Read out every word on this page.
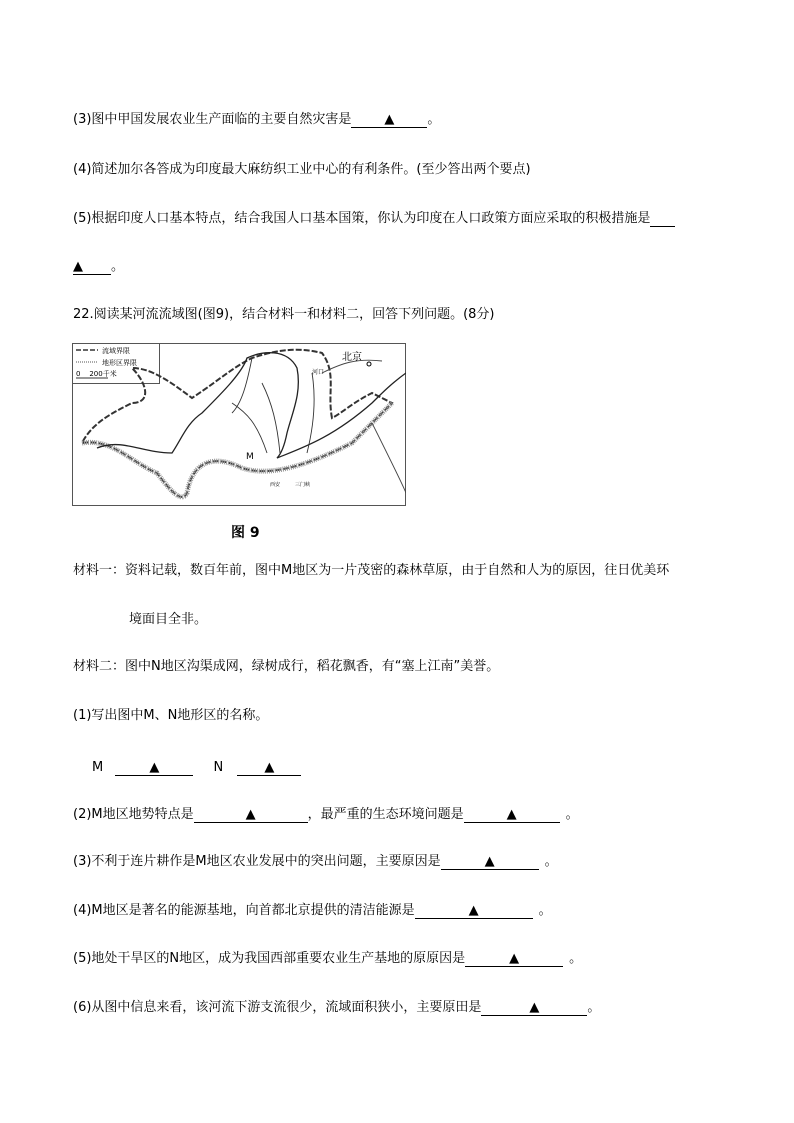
(3)图中甲国发展农业生产面临的主要自然灾害是	▲	。
(4)简述加尔各答成为印度最大麻纺织工业中心的有利条件。(至少答出两个要点)
(5)根据印度人口基本特点，结合我国人口基本国策，你认为印度在人口政策方面应采取的积极措施是
▲ 。
22.阅读某河流流域图(图9)，结合材料一和材料二，回答下列问题。(8分)
流域界限
地形区界限
0    200千米
北京
河口
M
西安	三门峡
图 9
材料一：资料记载，数百年前，图中M地区为一片茂密的森林草原，由于自然和人为的原因，往日优美环
境面目全非。
材料二：图中N地区沟渠成网，绿树成行，稻花飘香，有“塞上江南”美誉。
(1)写出图中M、N地形区的名称。
M	▲	N	▲
(2)M地区地势特点是	▲	，最严重的生态环境问题是	▲	。
(3)不利于连片耕作是M地区农业发展中的突出问题，主要原因是	▲	。
(4)M地区是著名的能源基地，向首都北京提供的清洁能源是	▲	。
(5)地处干旱区的N地区，成为我国西部重要农业生产基地的原原因是	▲	。
(6)从图中信息来看，该河流下游支流很少，流域面积狭小，主要原田是	▲	。
